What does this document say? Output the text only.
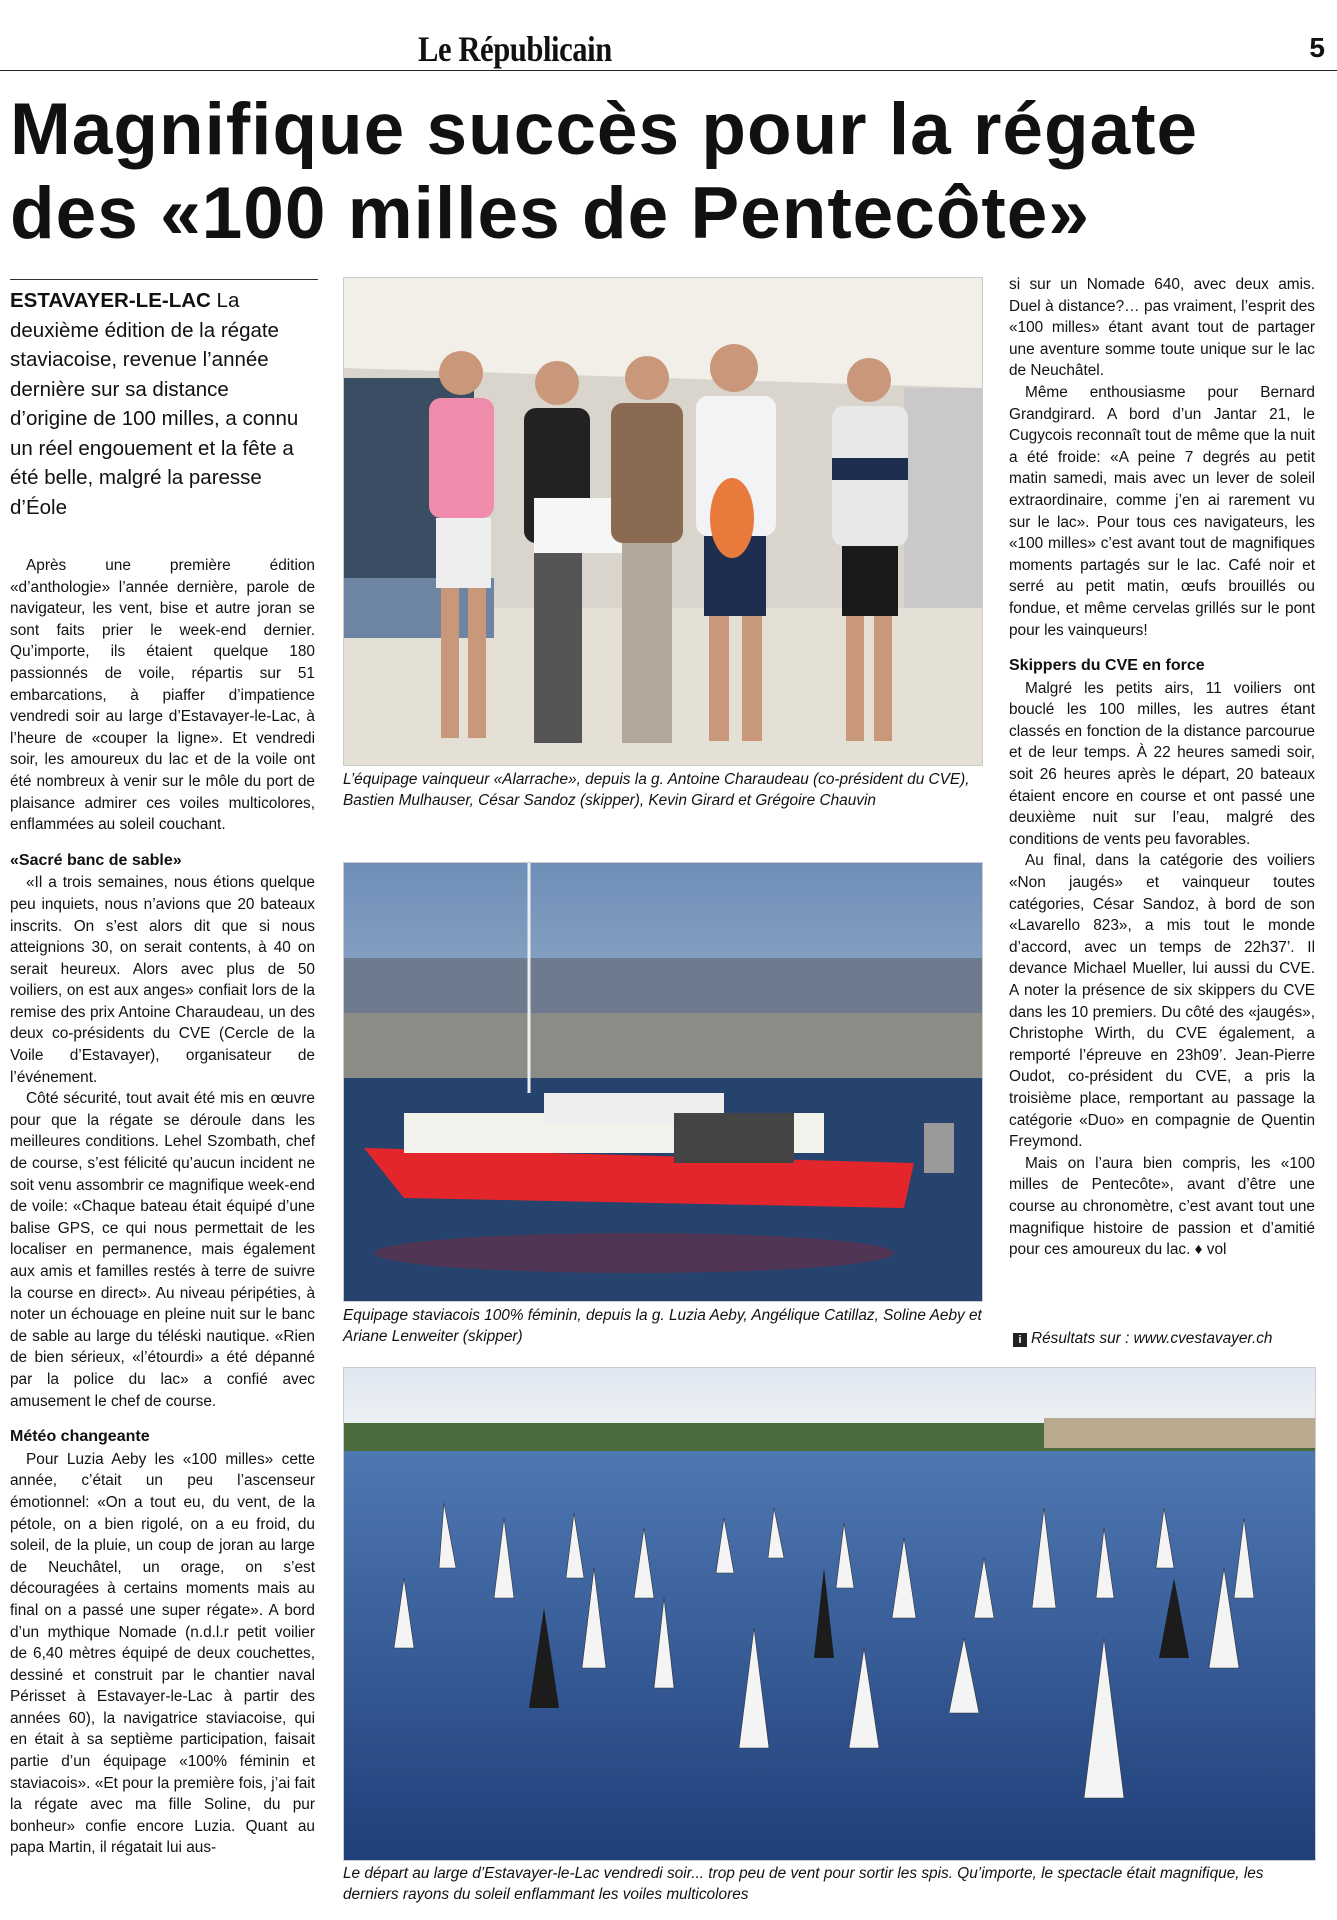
Le Républicain	5
Magnifique succès pour la régate des «100 milles de Pentecôte»
ESTAVAYER-LE-LAC La deuxième édition de la régate staviacoise, revenue l’année dernière sur sa distance d’origine de 100 milles, a connu un réel engouement et la fête a été belle, malgré la paresse d’Éole

Après une première édition «d’anthologie» l’année dernière, parole de navigateur, les vent, bise et autre joran se sont faits prier le week-end dernier. Qu’importe, ils étaient quelque 180 passionnés de voile, répartis sur 51 embarcations, à piaffer d’impatience vendredi soir au large d’Estavayer-le-Lac, à l’heure de «couper la ligne». Et vendredi soir, les amoureux du lac et de la voile ont été nombreux à venir sur le môle du port de plaisance admirer ces voiles multicolores, enflammées au soleil couchant.

«Sacré banc de sable»

«Il a trois semaines, nous étions quelque peu inquiets, nous n’avions que 20 bateaux inscrits. On s’est alors dit que si nous atteignions 30, on serait contents, à 40 on serait heureux. Alors avec plus de 50 voiliers, on est aux anges» confiait lors de la remise des prix Antoine Charaudeau, un des deux co-présidents du CVE (Cercle de la Voile d’Estavayer), organisateur de l’événement.

Côté sécurité, tout avait été mis en œuvre pour que la régate se déroule dans les meilleures conditions. Lehel Szombath, chef de course, s’est félicité qu’aucun incident ne soit venu assombrir ce magnifique week-end de voile: «Chaque bateau était équipé d’une balise GPS, ce qui nous permettait de les localiser en permanence, mais également aux amis et familles restés à terre de suivre la course en direct». Au niveau péripéties, à noter un échouage en pleine nuit sur le banc de sable au large du téléski nautique. «Rien de bien sérieux, «l’étourdi» a été dépanné par la police du lac» a confié avec amusement le chef de course.

Météo changeante

Pour Luzia Aeby les «100 milles» cette année, c’était un peu l’ascenseur émotionnel: «On a tout eu, du vent, de la pétole, on a bien rigolé, on a eu froid, du soleil, de la pluie, un coup de joran au large de Neuchâtel, un orage, on s’est découragées à certains moments mais au final on a passé une super régate». A bord d’un mythique Nomade (n.d.l.r petit voilier de 6,40 mètres équipé de deux couchettes, dessiné et construit par le chantier naval Périsset à Estavayer-le-Lac à partir des années 60), la navigatrice staviacoise, qui en était à sa septième participation, faisait partie d’un équipage «100% féminin et staviacois». «Et pour la première fois, j’ai fait la régate avec ma fille Soline, du pur bonheur» confie encore Luzia. Quant au papa Martin, il régatait lui aus-

L’équipage vainqueur «Alarrache», depuis la g. Antoine Charaudeau (co-président du CVE), Bastien Mulhauser, César Sandoz (skipper), Kevin Girard et Grégoire Chauvin
Equipage staviacois 100% féminin, depuis la g. Luzia Aeby, Angélique Catillaz, Soline Aeby et Ariane Lenweiter (skipper)

si sur un Nomade 640, avec deux amis. Duel à distance?… pas vraiment, l’esprit des «100 milles» étant avant tout de partager une aventure somme toute unique sur le lac de Neuchâtel.

Même enthousiasme pour Bernard Grandgirard. A bord d’un Jantar 21, le Cugycois reconnaît tout de même que la nuit a été froide: «A peine 7 degrés au petit matin samedi, mais avec un lever de soleil extraordinaire, comme j’en ai rarement vu sur le lac». Pour tous ces navigateurs, les «100 milles» c’est avant tout de magnifiques moments partagés sur le lac. Café noir et serré au petit matin, œufs brouillés ou fondue, et même cervelas grillés sur le pont pour les vainqueurs!

Skippers du CVE en force

Malgré les petits airs, 11 voiliers ont bouclé les 100 milles, les autres étant classés en fonction de la distance parcourue et de leur temps. À 22 heures samedi soir, soit 26 heures après le départ, 20 bateaux étaient encore en course et ont passé une deuxième nuit sur l’eau, malgré des conditions de vents peu favorables.

Au final, dans la catégorie des voiliers «Non jaugés» et vainqueur toutes catégories, César Sandoz, à bord de son «Lavarello 823», a mis tout le monde d’accord, avec un temps de 22h37’. Il devance Michael Mueller, lui aussi du CVE. A noter la présence de six skippers du CVE dans les 10 premiers. Du côté des «jaugés», Christophe Wirth, du CVE également, a remporté l’épreuve en 23h09’. Jean-Pierre Oudot, co-président du CVE, a pris la troisième place, remportant au passage la catégorie «Duo» en compagnie de Quentin Freymond.

Mais on l’aura bien compris, les «100 milles de Pentecôte», avant d’être une course au chronomètre, c’est avant tout une magnifique histoire de passion et d’amitié pour ces amoureux du lac. ♦ vol

i Résultats sur : www.cvestavayer.ch
Le départ au large d’Estavayer-le-Lac vendredi soir... trop peu de vent pour sortir les spis. Qu’importe, le spectacle était magnifique, les derniers rayons du soleil enflammant les voiles multicolores
